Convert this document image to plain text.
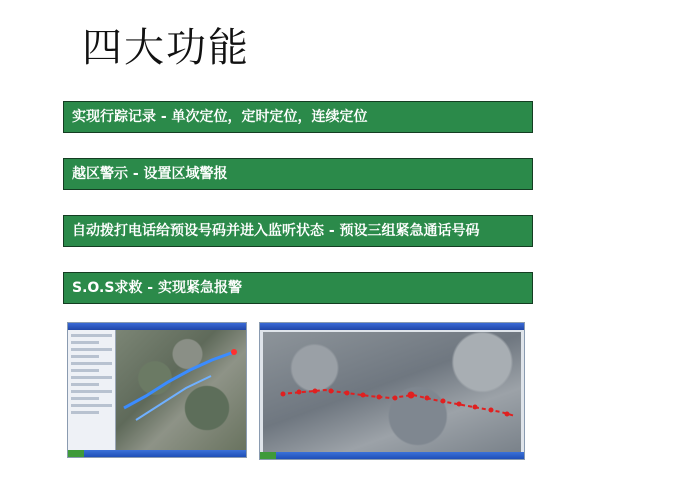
四大功能
实现行踪记录 - 单次定位，定时定位，连续定位
越区警示 - 设置区域警报
自动拨打电话给预设号码并进入监听状态 - 预设三组紧急通话号码
S.O.S求救 - 实现紧急报警
